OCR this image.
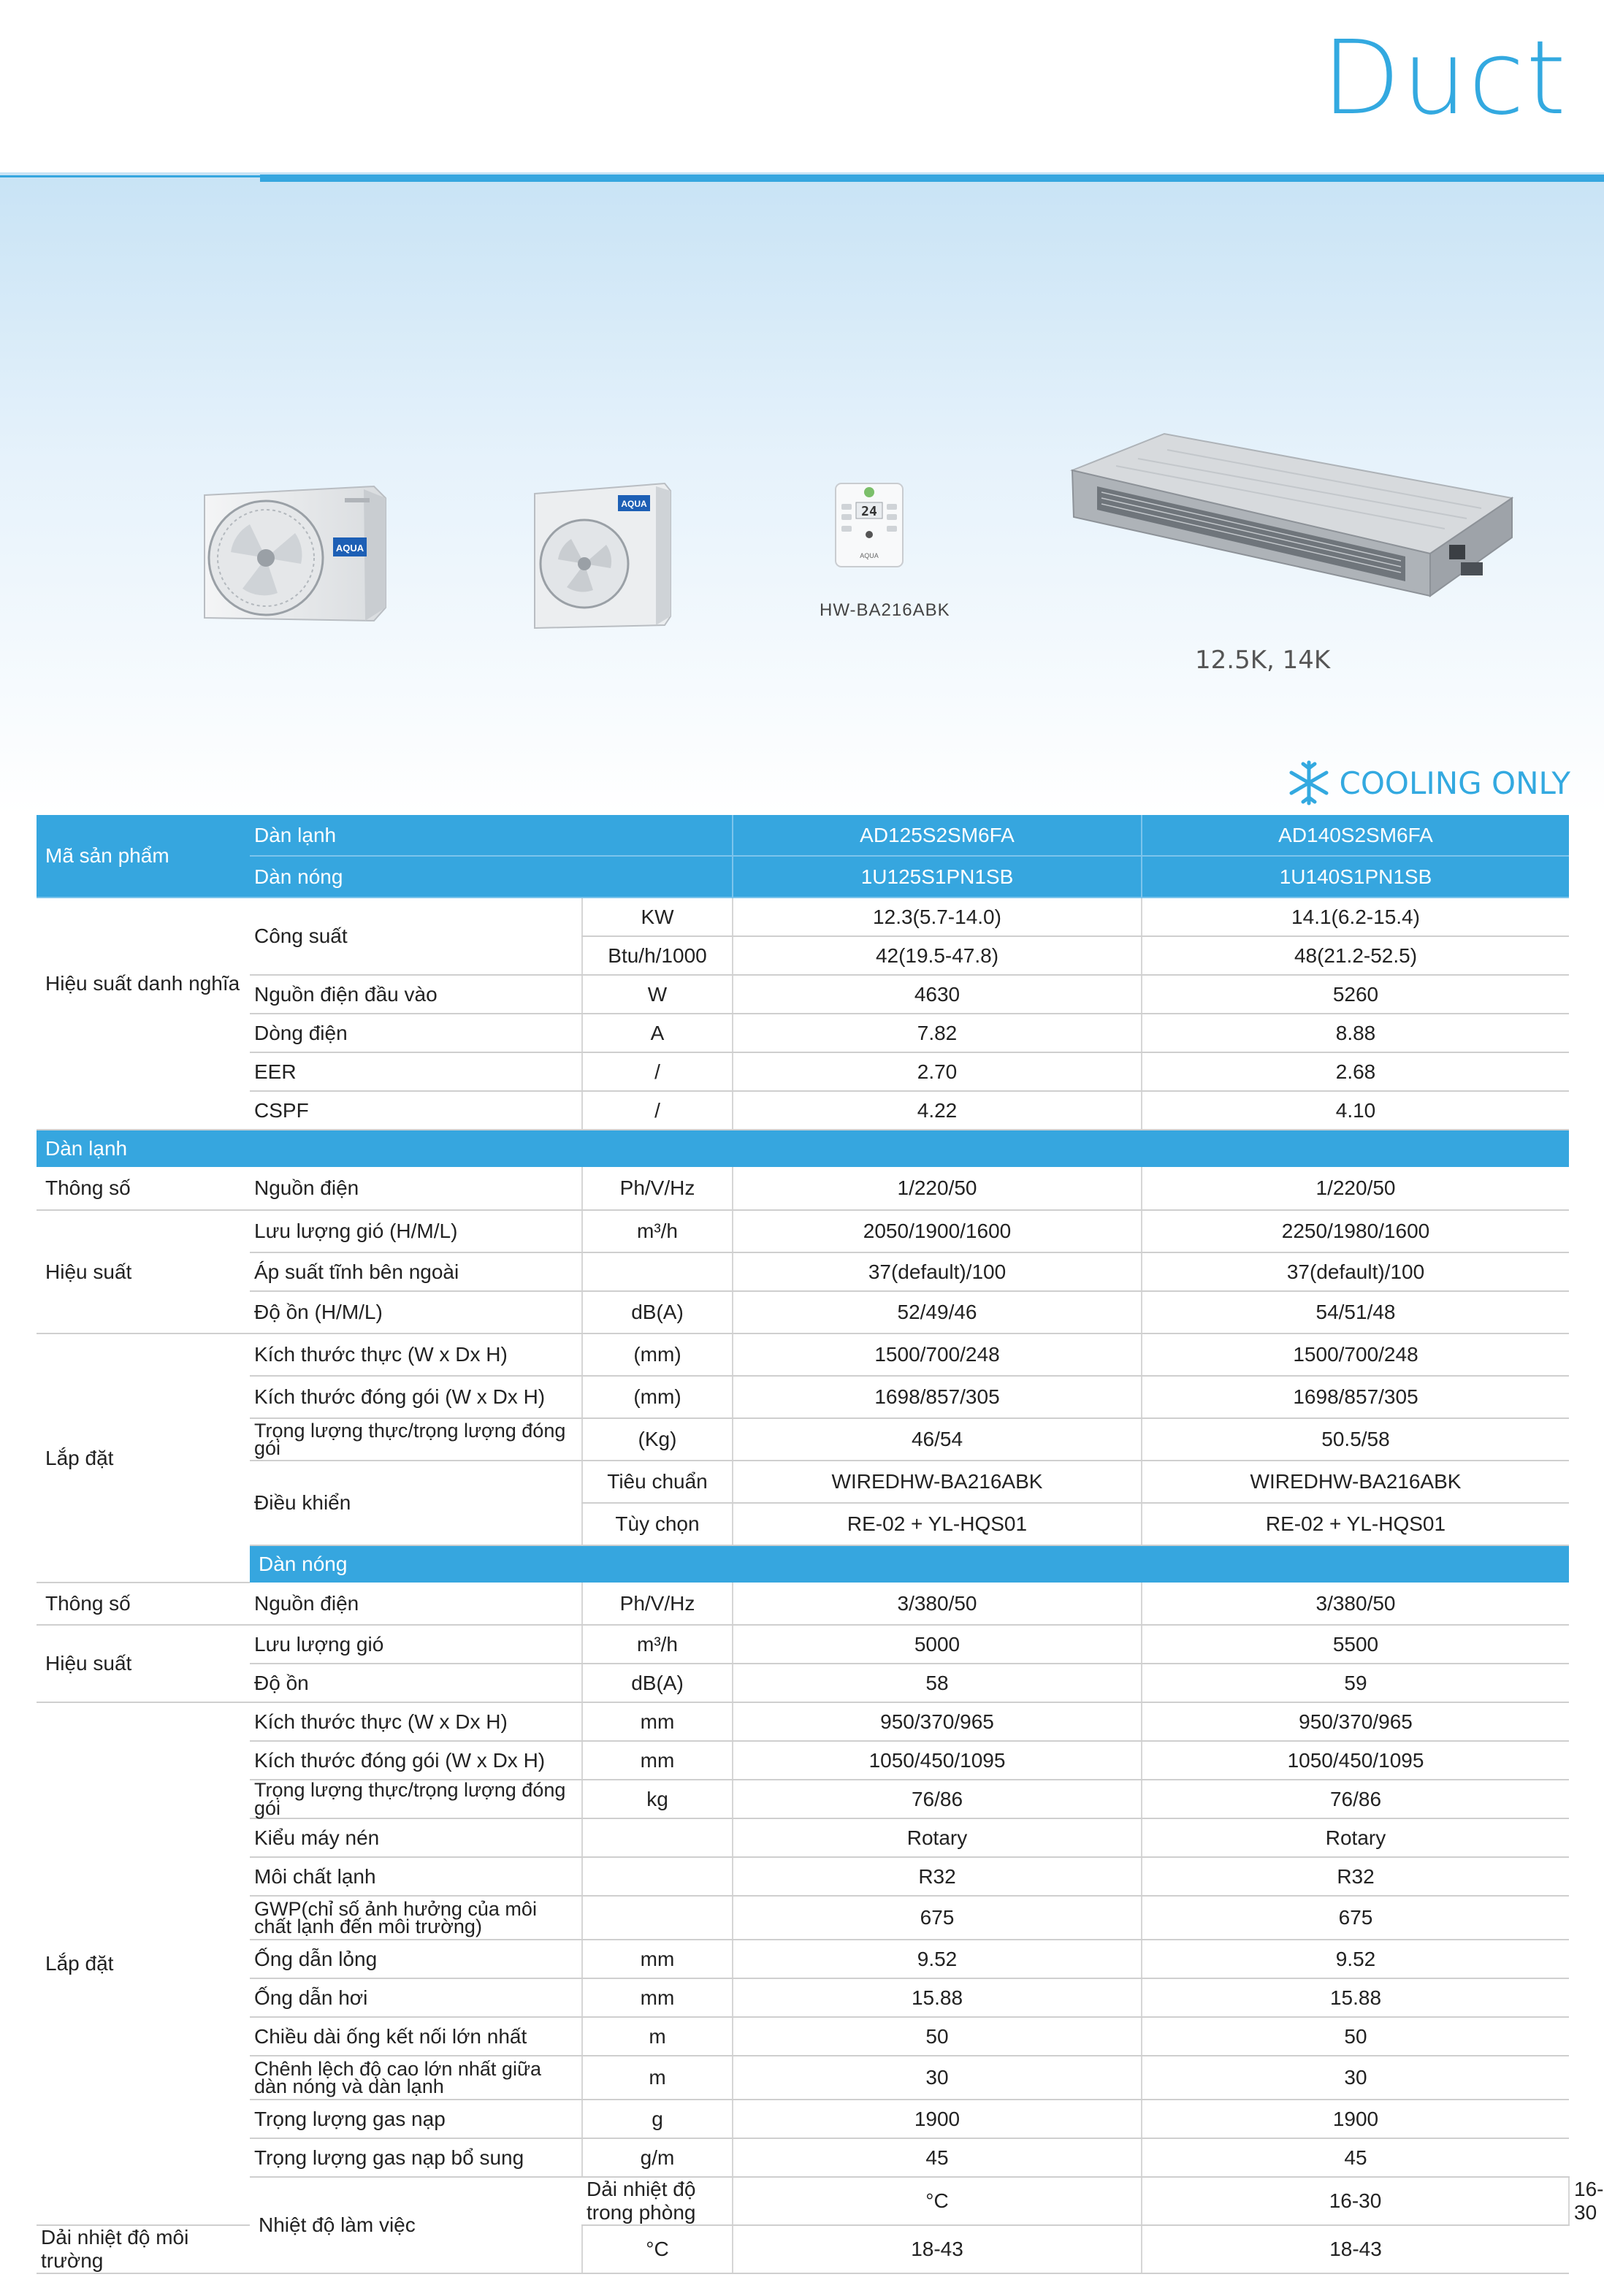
Duct
AQUA
AQUA	24
AQUA
HW-BA216ABK
12.5K, 14K
COOLING ONLY
Mã sản phẩm	Dàn lạnh		AD125S2SM6FA	AD140S2SM6FA	
	Dàn nóng		1U125S1PN1SB	1U140S1PN1SB	
Hiệu suất danh nghĩa	Công suất	KW	12.3(5.7-14.0)	14.1(6.2-15.4)	
		Btu/h/1000	42(19.5-47.8)	48(21.2-52.5)	
	Nguồn điện đầu vào	W	4630	5260	
	Dòng điện	A	7.82	8.88	
	EER	/	2.70	2.68	
	CSPF	/	4.22	4.10	
Dàn lạnh					
Thông số	Nguồn điện	Ph/V/Hz	1/220/50	1/220/50	
Hiệu suất	Lưu lượng gió (H/M/L)	m³/h	2050/1900/1600	2250/1980/1600	
	Áp suất tĩnh bên ngoài		37(default)/100	37(default)/100	
	Độ ồn (H/M/L)	dB(A)	52/49/46	54/51/48	
Lắp đặt	Kích thước thực (W x Dx H)	(mm)	1500/700/248	1500/700/248	
	Kích thước đóng gói (W x Dx H)	(mm)	1698/857/305	1698/857/305	
	Trọng lượng thực/trọng lượng đóng gói	(Kg)	46/54	50.5/58	
	Điều khiển	Tiêu chuẩn	WIREDHW-BA216ABK	WIREDHW-BA216ABK	
		Tùy chọn	RE-02 + YL-HQS01	RE-02 + YL-HQS01	
	Dàn nóng				
Thông số	Nguồn điện	Ph/V/Hz	3/380/50	3/380/50	
Hiệu suất	Lưu lượng gió	m³/h	5000	5500	
	Độ ồn	dB(A)	58	59	
Lắp đặt	Kích thước thực (W x Dx H)	mm	950/370/965	950/370/965	
	Kích thước đóng gói (W x Dx H)	mm	1050/450/1095	1050/450/1095	
	Trọng lượng thực/trọng lượng đóng gói	kg	76/86	76/86	
	Kiểu máy nén		Rotary	Rotary	
	Môi chất lạnh		R32	R32	
	GWP(chỉ số ảnh hưởng của môi chất lạnh đến môi trường)		675	675	
	Ống dẫn lỏng	mm	9.52	9.52	
	Ống dẫn hơi	mm	15.88	15.88	
	Chiều dài ống kết nối lớn nhất	m	50	50	
	Chênh lệch độ cao lớn nhất giữa dàn nóng và dàn lạnh	m	30	30	
	Trọng lượng gas nạp	g	1900	1900	
	Trọng lượng gas nạp bổ sung	g/m	45	45	
	Nhiệt độ làm việc	Dải nhiệt độ trong phòng	°C	16-30	16-30
Dải nhiệt độ môi trường		°C	18-43	18-43	
